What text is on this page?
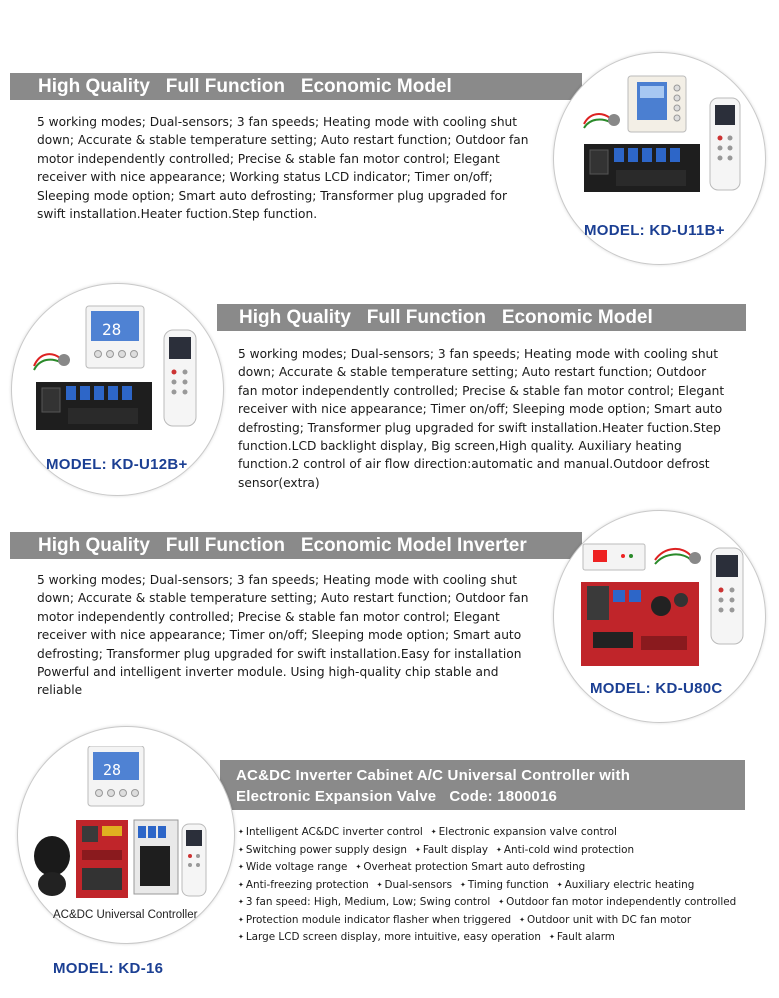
High Quality   Full Function   Economic Model
5 working modes; Dual-sensors; 3 fan speeds; Heating mode with cooling shut down; Accurate & stable temperature setting; Auto restart function; Outdoor fan motor independently controlled; Precise & stable fan motor control; Elegant receiver with nice appearance; Working status LCD indicator; Timer on/off; Sleeping mode option; Smart auto defrosting; Transformer plug upgraded for swift installation.Heater fuction.Step function.
MODEL: KD-U11B+
High Quality   Full Function   Economic Model
5 working modes; Dual-sensors; 3 fan speeds; Heating mode with cooling shut down; Accurate & stable temperature setting; Auto restart function; Outdoor fan motor independently controlled; Precise & stable fan motor control; Elegant receiver with nice appearance; Timer on/off; Sleeping mode option; Smart auto defrosting; Transformer plug upgraded for swift installation.Heater fuction.Step function.LCD backlight display, Big screen,High quality. Auxiliary heating function.2 control of air flow direction:automatic and manual.Outdoor defrost sensor(extra)
28
MODEL: KD-U12B+
High Quality   Full Function   Economic Model Inverter
5 working modes; Dual-sensors; 3 fan speeds; Heating mode with cooling shut down; Accurate & stable temperature setting; Auto restart function; Outdoor fan motor independently controlled; Precise & stable fan motor control; Elegant receiver with nice appearance; Timer on/off; Sleeping mode option; Smart auto defrosting; Transformer plug upgraded for swift installation.Easy for installation Powerful and intelligent inverter module. Using high-quality chip stable and reliable	MODEL: KD-U80C
AC&DC Inverter Cabinet A/C Universal Controller with
Electronic Expansion Valve   Code: 1800016
28
AC&DC Universal Controller
MODEL: KD-16
✦ Intelligent AC&DC inverter control ✦ Electronic expansion valve control
✦ Switching power supply design ✦ Fault display ✦ Anti-cold wind protection
✦ Wide voltage range ✦ Overheat protection Smart auto defrosting
✦ Anti-freezing protection ✦ Dual-sensors ✦ Timing function ✦ Auxiliary electric heating
✦ 3 fan speed: High, Medium, Low; Swing control ✦ Outdoor fan motor independently controlled
✦ Protection module indicator flasher when triggered ✦ Outdoor unit with DC fan motor
✦ Large LCD screen display, more intuitive, easy operation ✦ Fault alarm
